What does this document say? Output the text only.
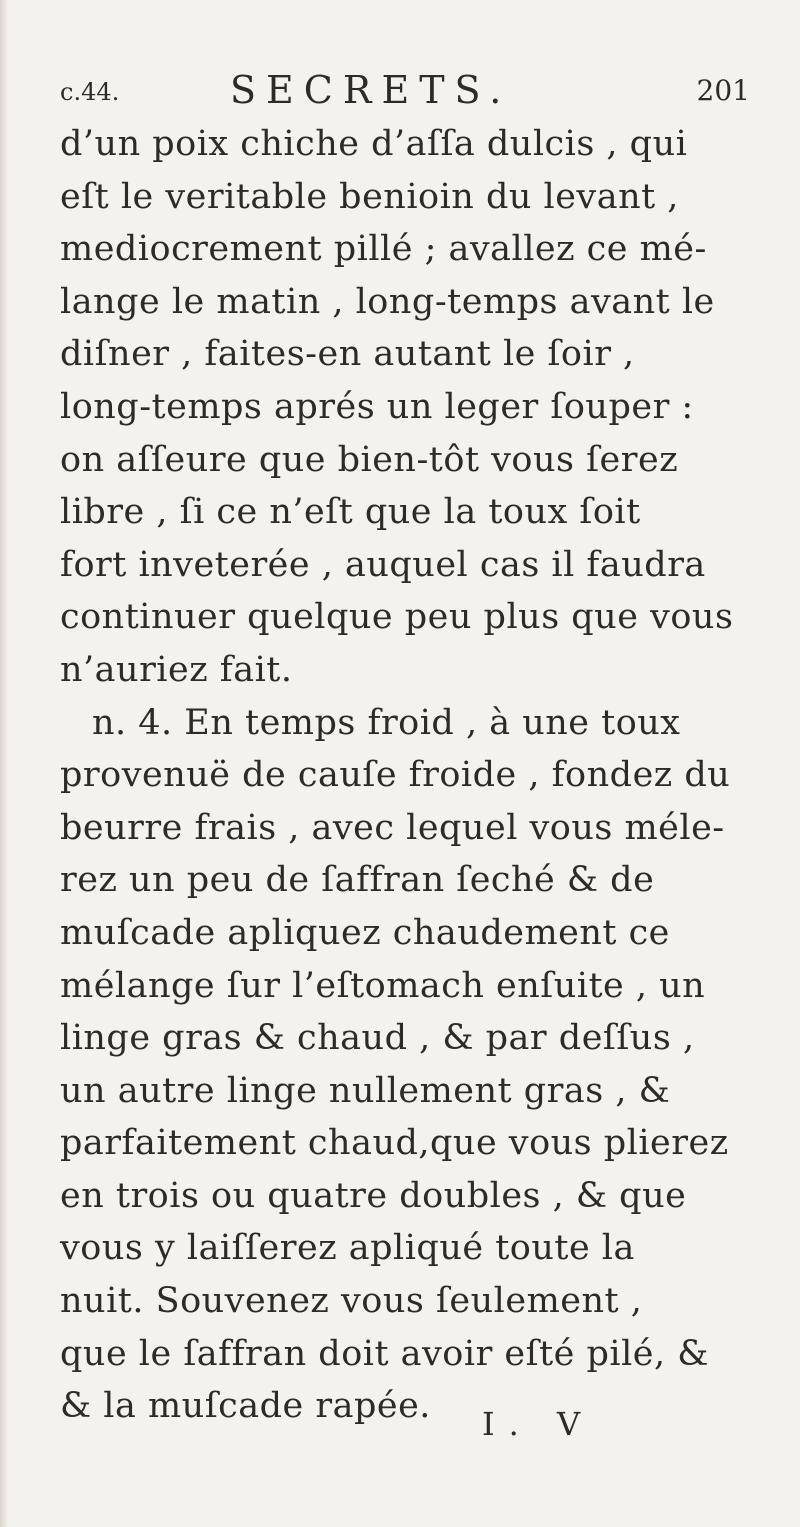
c.44.	SECRETS.	201
d’un poix chiche d’aſſa dulcis , qui
eſt le veritable benioin du levant ,
mediocrement pillé ; avallez ce mé-
lange le matin , long-temps avant le
diſner , faites-en autant le ſoir ,
long-temps aprés un leger ſouper :
on aſſeure que bien-tôt vous ſerez
libre , ſi ce n’eſt que la toux ſoit
fort inveterée , auquel cas il faudra
continuer quelque peu plus que vous
n’auriez fait.
n. 4. En temps froid , à une toux
provenuë de cauſe froide , fondez du
beurre frais , avec lequel vous méle-
rez un peu de ſaffran ſeché & de
muſcade apliquez chaudement ce
mélange ſur l’eſtomach enſuite , un
linge gras & chaud , & par deſſus ,
un autre linge nullement gras , &
parfaitement chaud,que vous plierez
en trois ou quatre doubles , & que
vous y laiſſerez apliqué toute la
nuit. Souvenez vous ſeulement ,
que le ſaffran doit avoir eſté pilé, &
& la muſcade rapée.	I. V
